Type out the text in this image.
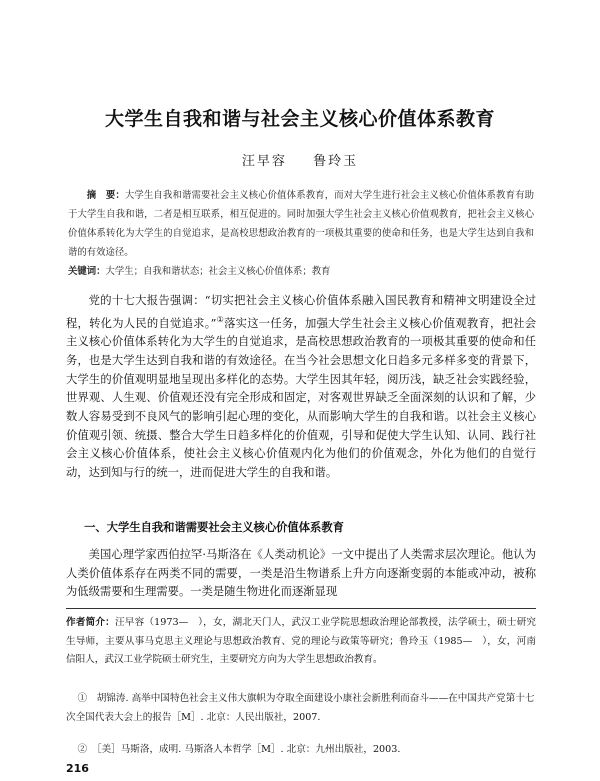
大学生自我和谐与社会主义核心价值体系教育
汪早容 鲁玲玉
摘　要：大学生自我和谐需要社会主义核心价值体系教育，而对大学生进行社会主义核心价值体系教育有助于大学生自我和谐，二者是相互联系，相互促进的。同时加强大学生社会主义核心价值观教育，把社会主义核心价值体系转化为大学生的自觉追求，是高校思想政治教育的一项极其重要的使命和任务，也是大学生达到自我和谐的有效途径。
关键词：大学生；自我和谐状态；社会主义核心价值体系；教育
党的十七大报告强调：“切实把社会主义核心价值体系融入国民教育和精神文明建设全过程，转化为人民的自觉追求。”①落实这一任务，加强大学生社会主义核心价值观教育，把社会主义核心价值体系转化为大学生的自觉追求，是高校思想政治教育的一项极其重要的使命和任务，也是大学生达到自我和谐的有效途径。在当今社会思想文化日趋多元多样多变的背景下，大学生的价值观明显地呈现出多样化的态势。大学生因其年轻，阅历浅，缺乏社会实践经验，世界观、人生观、价值观还没有完全形成和固定，对客观世界缺乏全面深刻的认识和了解，少数人容易受到不良风气的影响引起心理的变化，从而影响大学生的自我和谐。以社会主义核心价值观引领、统摄、整合大学生日趋多样化的价值观，引导和促使大学生认知、认同、践行社会主义核心价值体系，使社会主义核心价值观内化为他们的价值观念，外化为他们的自觉行动，达到知与行的统一，进而促进大学生的自我和谐。
一、大学生自我和谐需要社会主义核心价值体系教育
美国心理学家西伯拉罕·马斯洛在《人类动机论》一文中提出了人类需求层次理论。他认为人类价值体系存在两类不同的需要，一类是沿生物谱系上升方向逐渐变弱的本能或冲动，被称为低级需要和生理需要。一类是随生物进化而逐渐显现
作者简介：汪早容（1973—　），女，湖北天门人，武汉工业学院思想政治理论部教授，法学硕士，硕士研究生导师，主要从事马克思主义理论与思想政治教育、党的理论与政策等研究；鲁玲玉（1985—　），女，河南信阳人，武汉工业学院硕士研究生，主要研究方向为大学生思想政治教育。
①　胡锦涛. 高举中国特色社会主义伟大旗帜为夺取全面建设小康社会新胜利而奋斗——在中国共产党第十七次全国代表大会上的报告［M］. 北京：人民出版社，2007.
②　［美］马斯洛，成明. 马斯洛人本哲学［M］. 北京：九州出版社，2003.
216
